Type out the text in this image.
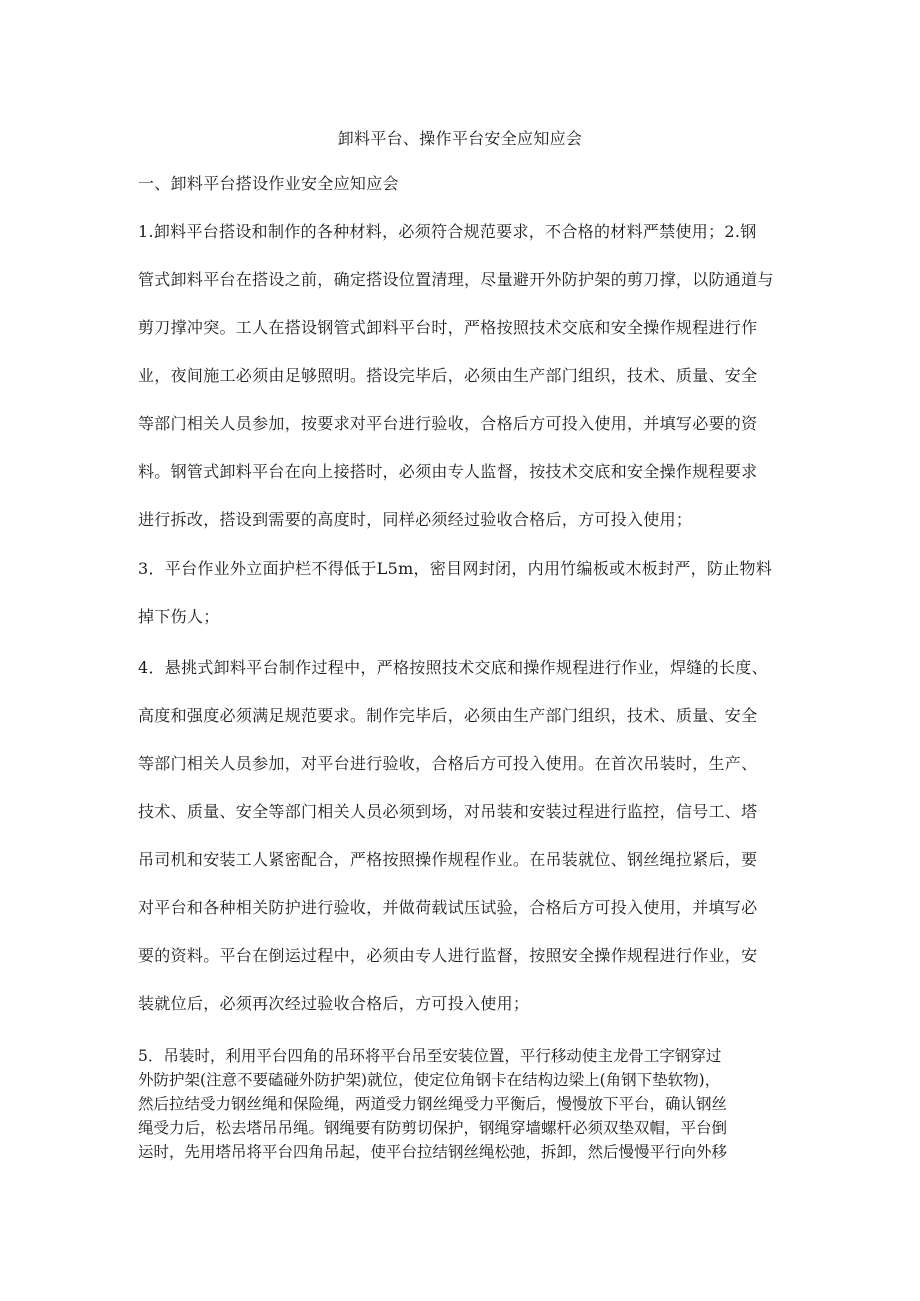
卸料平台、操作平台安全应知应会
一、卸料平台搭设作业安全应知应会
1.卸料平台搭设和制作的各种材料，必须符合规范要求，不合格的材料严禁使用；2.钢
管式卸料平台在搭设之前，确定搭设位置清理，尽量避开外防护架的剪刀撑，以防通道与
剪刀撑冲突。工人在搭设钢管式卸料平台时，严格按照技术交底和安全操作规程进行作
业，夜间施工必须由足够照明。搭设完毕后，必须由生产部门组织，技术、质量、安全
等部门相关人员参加，按要求对平台进行验收，合格后方可投入使用，并填写必要的资
料。钢管式卸料平台在向上接搭时，必须由专人监督，按技术交底和安全操作规程要求
进行拆改，搭设到需要的高度时，同样必须经过验收合格后，方可投入使用；
3．平台作业外立面护栏不得低于L5m，密目网封闭，内用竹编板或木板封严，防止物料
掉下伤人；
4．悬挑式卸料平台制作过程中，严格按照技术交底和操作规程进行作业，焊缝的长度、
高度和强度必须满足规范要求。制作完毕后，必须由生产部门组织，技术、质量、安全
等部门相关人员参加，对平台进行验收，合格后方可投入使用。在首次吊装时，生产、
技术、质量、安全等部门相关人员必须到场，对吊装和安装过程进行监控，信号工、塔
吊司机和安装工人紧密配合，严格按照操作规程作业。在吊装就位、钢丝绳拉紧后，要
对平台和各种相关防护进行验收，并做荷载试压试验，合格后方可投入使用，并填写必
要的资料。平台在倒运过程中，必须由专人进行监督，按照安全操作规程进行作业，安
装就位后，必须再次经过验收合格后，方可投入使用；
5．吊装时，利用平台四角的吊环将平台吊至安装位置，平行移动使主龙骨工字钢穿过
外防护架(注意不要磕碰外防护架)就位，使定位角钢卡在结构边梁上(角钢下垫软物)，
然后拉结受力钢丝绳和保险绳，两道受力钢丝绳受力平衡后，慢慢放下平台，确认钢丝
绳受力后，松去塔吊吊绳。钢绳要有防剪切保护，钢绳穿墙螺杆必须双垫双帽，平台倒
运时，先用塔吊将平台四角吊起，使平台拉结钢丝绳松弛，拆卸，然后慢慢平行向外移
